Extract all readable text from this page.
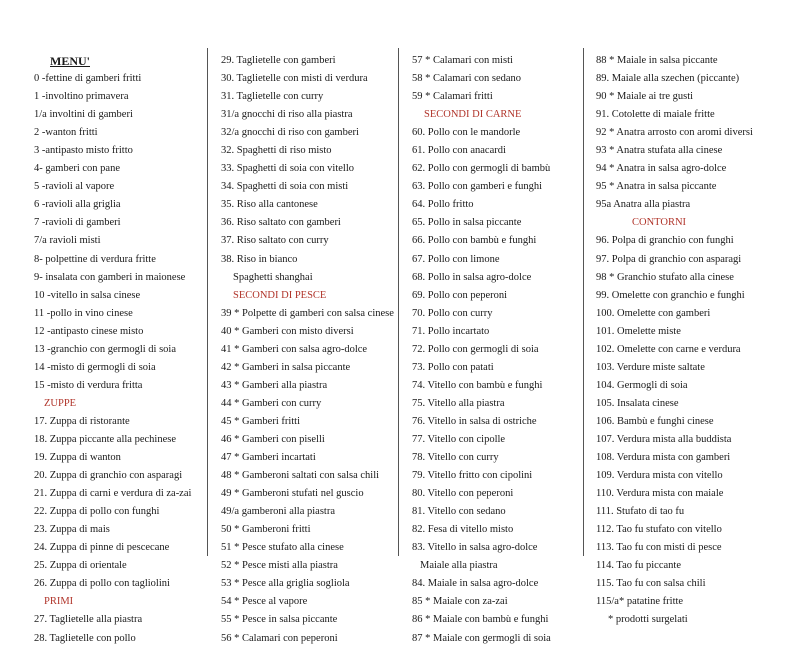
MENU'
0 -fettine di gamberi fritti
1 -involtino primavera
1/a involtini di gamberi
2 -wanton fritti
3 -antipasto misto fritto
4- gamberi con pane
5 -ravioli al vapore
6 -ravioli alla griglia
7 -ravioli di gamberi
7/a ravioli misti
8- polpettine di verdura fritte
9- insalata con gamberi in maionese
10 -vitello in salsa cinese
11 -pollo in vino cinese
12 -antipasto cinese misto
13 -granchio con germogli di soia
14 -misto di germogli di soia
15 -misto di verdura fritta
ZUPPE
17. Zuppa di ristorante
18. Zuppa piccante alla pechinese
19. Zuppa di wanton
20. Zuppa di granchio con asparagi
21. Zuppa di carni e verdura di za-zai
22. Zuppa di pollo con funghi
23. Zuppa di mais
24. Zuppa di pinne di pescecane
25. Zuppa di orientale
26. Zuppa di pollo con tagliolini
PRIMI
27. Taglietelle alla piastra
28. Taglietelle con pollo
29. Taglietelle con gamberi
30. Taglietelle con misti di verdura
31. Taglietelle con curry
31/a gnocchi di riso alla piastra
32/a gnocchi di riso con gamberi
32. Spaghetti di riso misto
33. Spaghetti di soia con vitello
34. Spaghetti di soia con misti
35. Riso alla cantonese
36. Riso saltato con gamberi
37. Riso saltato con curry
38. Riso in bianco
Spaghetti shanghai
SECONDI DI PESCE
39 * Polpette di gamberi con salsa cinese
40 * Gamberi con misto diversi
41 * Gamberi con salsa agro-dolce
42 * Gamberi in salsa piccante
43 * Gamberi alla piastra
44 * Gamberi con curry
45 * Gamberi fritti
46 * Gamberi con piselli
47 * Gamberi incartati
48 * Gamberoni saltati con salsa chili
49 * Gamberoni stufati nel guscio
49/a gamberoni alla piastra
50 * Gamberoni fritti
51 * Pesce stufato alla cinese
52 * Pesce misti alla piastra
53 * Pesce alla griglia sogliola
54 * Pesce al vapore
55 * Pesce in salsa piccante
56 * Calamari con peperoni
57 * Calamari con misti
58 * Calamari con sedano
59 * Calamari fritti
SECONDI DI CARNE
60. Pollo con le mandorle
61. Pollo con anacardi
62. Pollo con germogli di bambù
63. Pollo con gamberi e funghi
64. Pollo fritto
65. Pollo in salsa piccante
66. Pollo con bambù e funghi
67. Pollo con limone
68. Pollo in salsa agro-dolce
69. Pollo con peperoni
70. Pollo con curry
71. Pollo incartato
72. Pollo con germogli di soia
73. Pollo con patati
74. Vitello con bambù e funghi
75. Vitello alla piastra
76. Vitello in salsa di ostriche
77. Vitello con cipolle
78. Vitello con curry
79. Vitello fritto con cipolini
80. Vitello con peperoni
81. Vitello con sedano
82. Fesa di vitello misto
83. Vitello in salsa agro-dolce
Maiale alla piastra
84. Maiale in salsa agro-dolce
85 * Maiale con za-zai
86 * Maiale con bambù e funghi
87 * Maiale con germogli di soia
88 * Maiale in salsa piccante
89. Maiale alla szechen (piccante)
90 * Maiale ai tre gusti
91. Cotolette di maiale fritte
92 * Anatra arrosto con aromi diversi
93 * Anatra stufata alla cinese
94 * Anatra in salsa agro-dolce
95 * Anatra in salsa piccante
95a Anatra alla piastra
CONTORNI
96. Polpa di granchio con funghi
97. Polpa di granchio con asparagi
98 * Granchio stufato alla cinese
99. Omelette con granchio e funghi
100. Omelette con gamberi
101. Omelette miste
102. Omelette con carne e verdura
103. Verdure miste saltate
104. Germogli di soia
105. Insalata cinese
106. Bambù e funghi cinese
107. Verdura mista alla buddista
108. Verdura mista con gamberi
109. Verdura mista con vitello
110. Verdura mista con maiale
111. Stufato di tao fu
112. Tao fu stufato con vitello
113. Tao fu con misti di pesce
114. Tao fu piccante
115. Tao fu con salsa chili
115/a* patatine fritte
* prodotti surgelati
